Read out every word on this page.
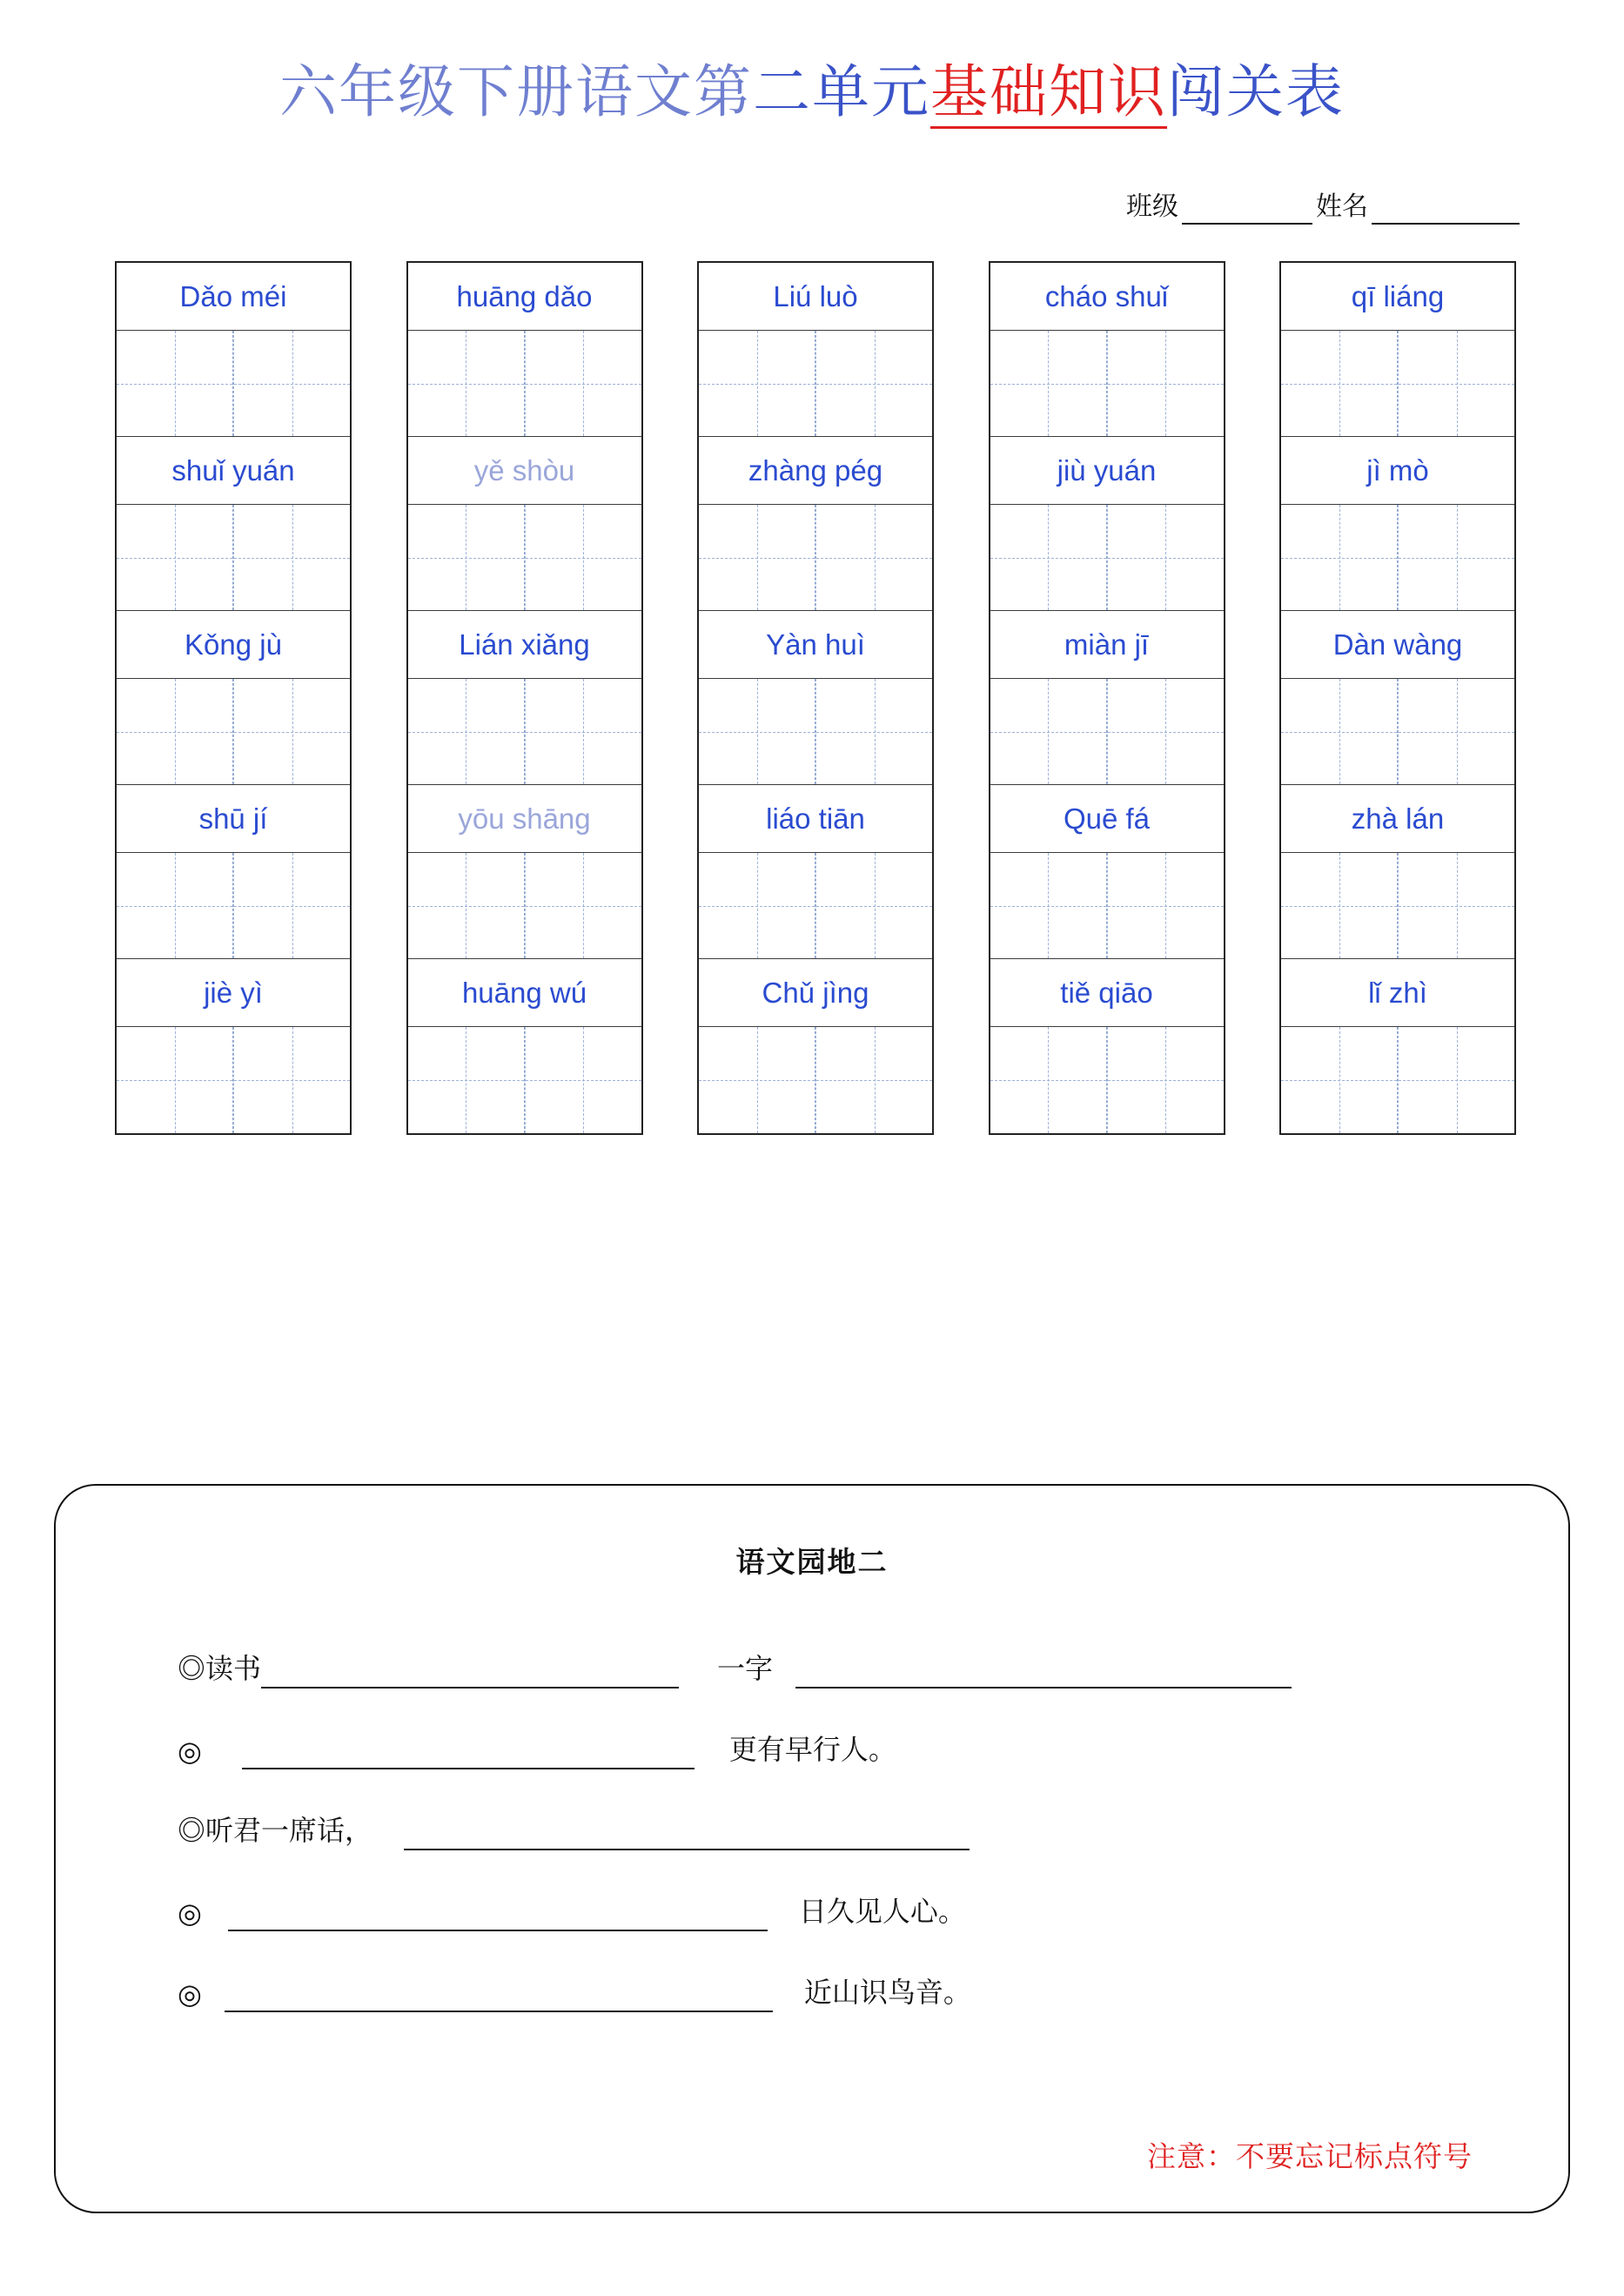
六年级下册语文第二单元基础知识闯关表
班级	姓名
Dǎo méi
shuǐ yuán
Kǒng jù
shū jí
jiè yì
huāng dǎo
yě shòu
Lián xiǎng
yōu shāng
huāng wú
Liú luò
zhàng pég
Yàn huì
liáo tiān
Chǔ jìng
cháo shuǐ
jiù yuán
miàn jī
Quē fá
tiě qiāo
qī liáng
jì mò
Dàn wàng
zhà lán
lǐ zhì
语文园地二
◎读书	一字
◎	更有早行人。
◎听君一席话，
◎	日久见人心。
◎	近山识鸟音。
注意：不要忘记标点符号
